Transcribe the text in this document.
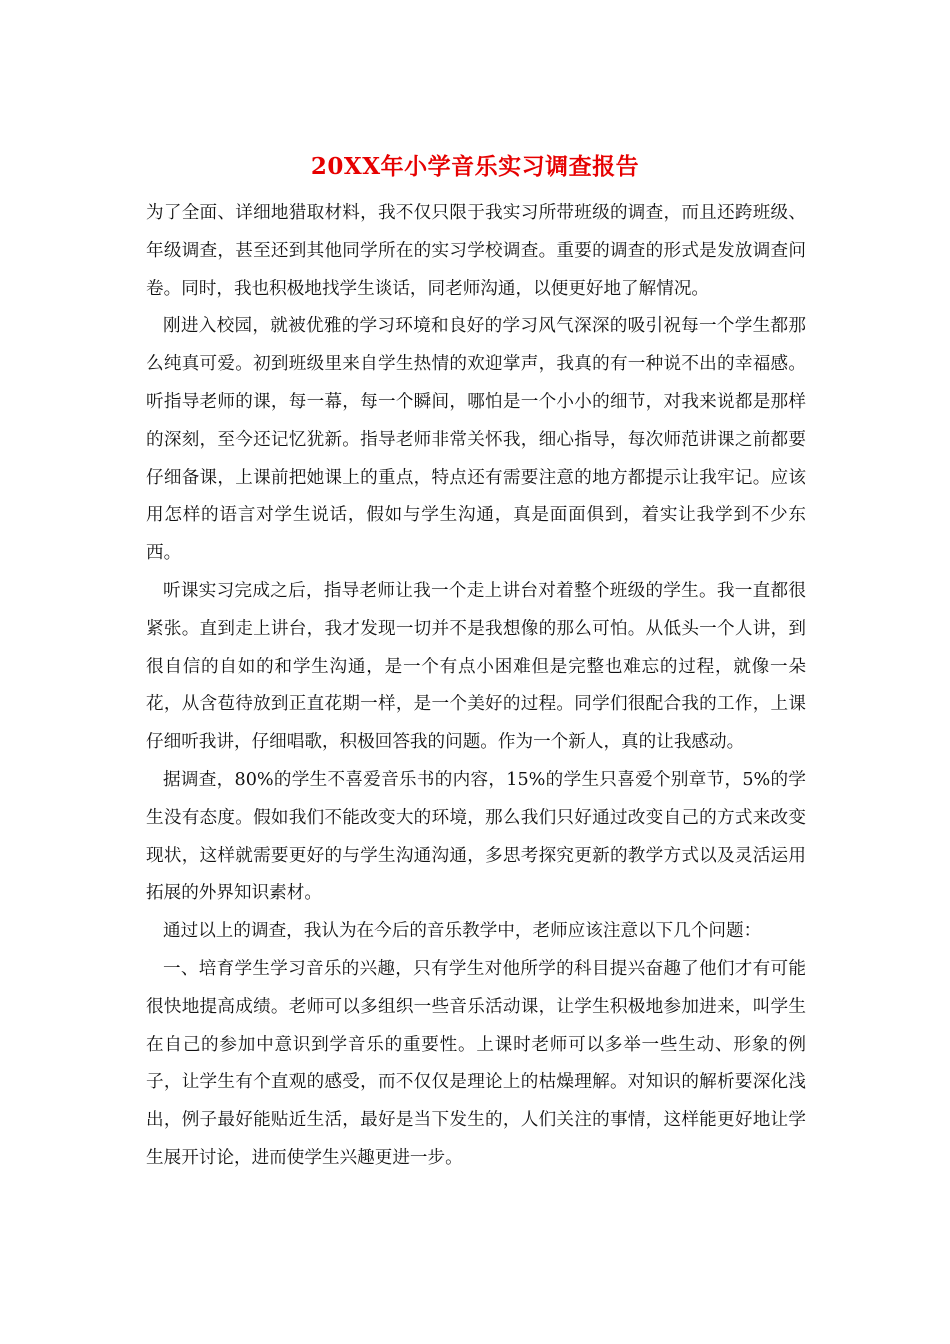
20XX年小学音乐实习调查报告

为了全面、详细地猎取材料，我不仅只限于我实习所带班级的调查，而且还跨班级、年级调查，甚至还到其他同学所在的实习学校调查。重要的调查的形式是发放调查问卷。同时，我也积极地找学生谈话，同老师沟通，以便更好地了解情况。

刚进入校园，就被优雅的学习环境和良好的学习风气深深的吸引祝每一个学生都那么纯真可爱。初到班级里来自学生热情的欢迎掌声，我真的有一种说不出的幸福感。听指导老师的课，每一幕，每一个瞬间，哪怕是一个小小的细节，对我来说都是那样的深刻，至今还记忆犹新。指导老师非常关怀我，细心指导，每次师范讲课之前都要仔细备课，上课前把她课上的重点，特点还有需要注意的地方都提示让我牢记。应该用怎样的语言对学生说话，假如与学生沟通，真是面面俱到，着实让我学到不少东西。

听课实习完成之后，指导老师让我一个走上讲台对着整个班级的学生。我一直都很紧张。直到走上讲台，我才发现一切并不是我想像的那么可怕。从低头一个人讲，到很自信的自如的和学生沟通，是一个有点小困难但是完整也难忘的过程，就像一朵花，从含苞待放到正直花期一样，是一个美好的过程。同学们很配合我的工作，上课仔细听我讲，仔细唱歌，积极回答我的问题。作为一个新人，真的让我感动。

据调查，80%的学生不喜爱音乐书的内容，15%的学生只喜爱个别章节，5%的学生没有态度。假如我们不能改变大的环境，那么我们只好通过改变自己的方式来改变现状，这样就需要更好的与学生沟通沟通，多思考探究更新的教学方式以及灵活运用拓展的外界知识素材。

通过以上的调查，我认为在今后的音乐教学中，老师应该注意以下几个问题：

一、培育学生学习音乐的兴趣，只有学生对他所学的科目提兴奋趣了他们才有可能很快地提高成绩。老师可以多组织一些音乐活动课，让学生积极地参加进来，叫学生在自己的参加中意识到学音乐的重要性。上课时老师可以多举一些生动、形象的例子，让学生有个直观的感受，而不仅仅是理论上的枯燥理解。对知识的解析要深化浅出，例子最好能贴近生活，最好是当下发生的，人们关注的事情，这样能更好地让学生展开讨论，进而使学生兴趣更进一步。
